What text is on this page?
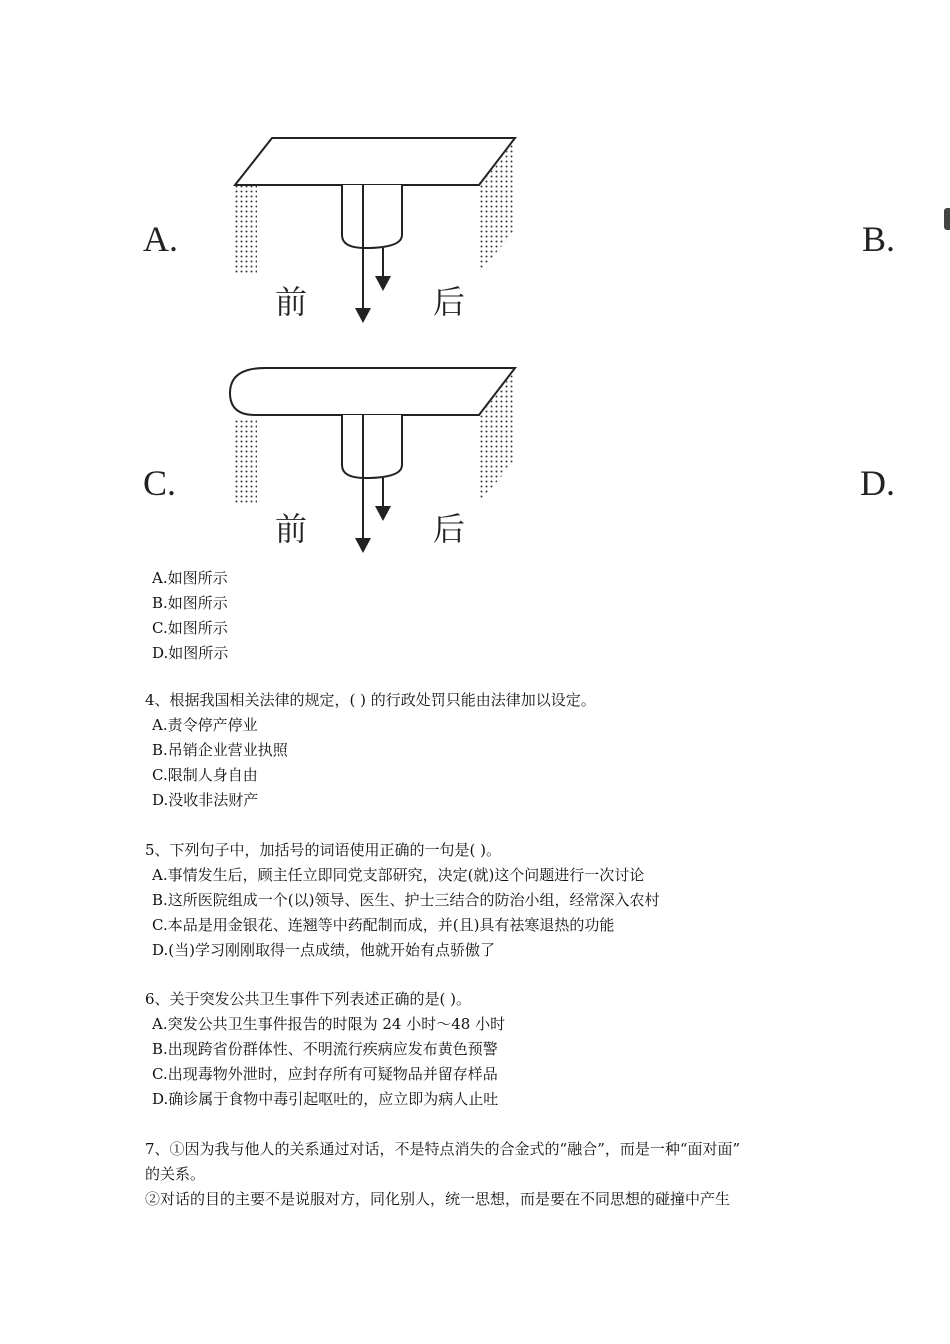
A.	B.
C.	D.
前	后
前	后
A.如图所示
B.如图所示
C.如图所示
D.如图所示
4、根据我国相关法律的规定，( ) 的行政处罚只能由法律加以设定。
A.责令停产停业
B.吊销企业营业执照
C.限制人身自由
D.没收非法财产
5、下列句子中，加括号的词语使用正确的一句是( )。
A.事情发生后，顾主任立即同党支部研究，决定(就)这个问题进行一次讨论
B.这所医院组成一个(以)领导、医生、护士三结合的防治小组，经常深入农村
C.本品是用金银花、连翘等中药配制而成，并(且)具有祛寒退热的功能
D.(当)学习刚刚取得一点成绩，他就开始有点骄傲了
6、关于突发公共卫生事件下列表述正确的是( )。
A.突发公共卫生事件报告的时限为 24 小时～48 小时
B.出现跨省份群体性、不明流行疾病应发布黄色预警
C.出现毒物外泄时，应封存所有可疑物品并留存样品
D.确诊属于食物中毒引起呕吐的，应立即为病人止吐
7、①因为我与他人的关系通过对话，不是特点消失的合金式的“融合”，而是一种“面对面”
的关系。
②对话的目的主要不是说服对方，同化别人，统一思想，而是要在不同思想的碰撞中产生
